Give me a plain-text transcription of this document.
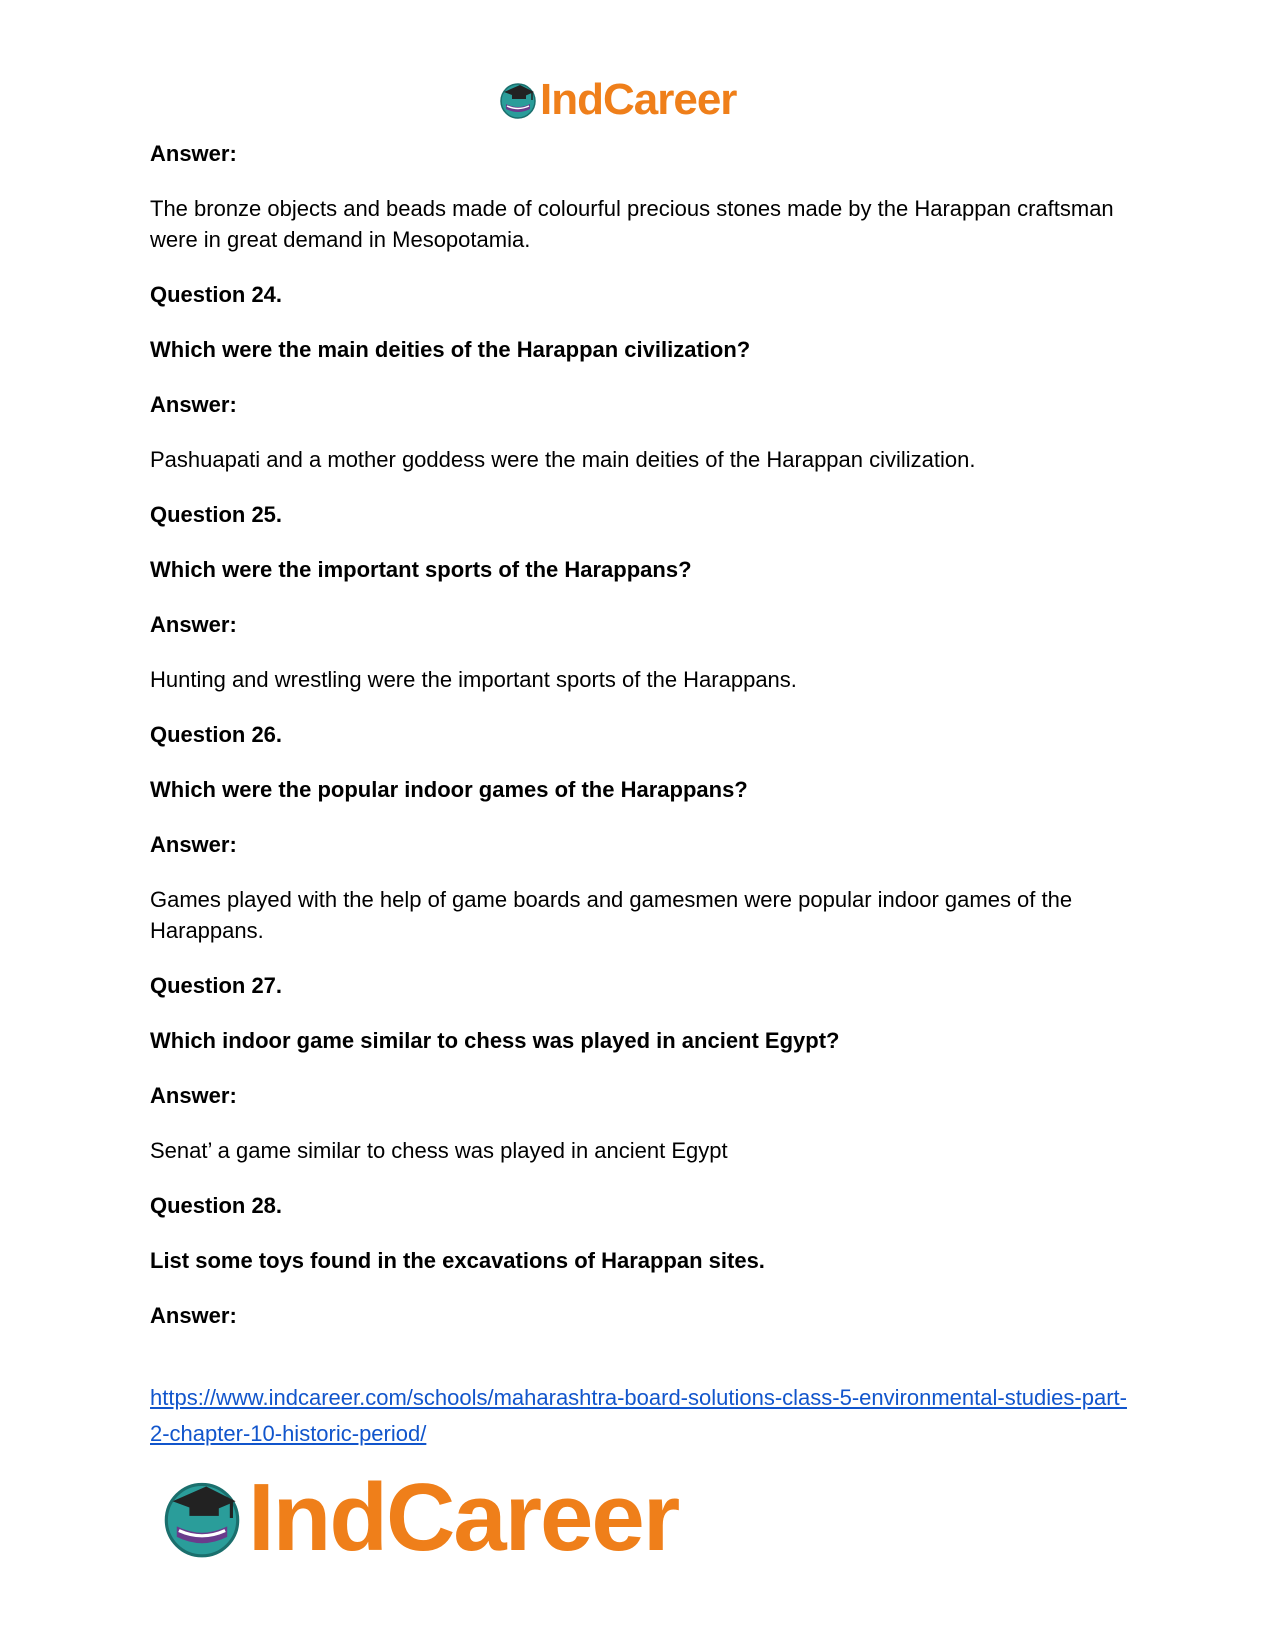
IndCareer

Answer:

The bronze objects and beads made of colourful precious stones made by the Harappan craftsman were in great demand in Mesopotamia.

Question 24.

Which were the main deities of the Harappan civilization?

Answer:

Pashuapati and a mother goddess were the main deities of the Harappan civilization.

Question 25.

Which were the important sports of the Harappans?

Answer:

Hunting and wrestling were the important sports of the Harappans.

Question 26.

Which were the popular indoor games of the Harappans?

Answer:

Games played with the help of game boards and gamesmen were popular indoor games of the Harappans.

Question 27.

Which indoor game similar to chess was played in ancient Egypt?

Answer:

Senat’ a game similar to chess was played in ancient Egypt

Question 28.

List some toys found in the excavations of Harappan sites.

Answer:

https://www.indcareer.com/schools/maharashtra-board-solutions-class-5-environmental-studies-part-2-chapter-10-historic-period/
IndCareer
